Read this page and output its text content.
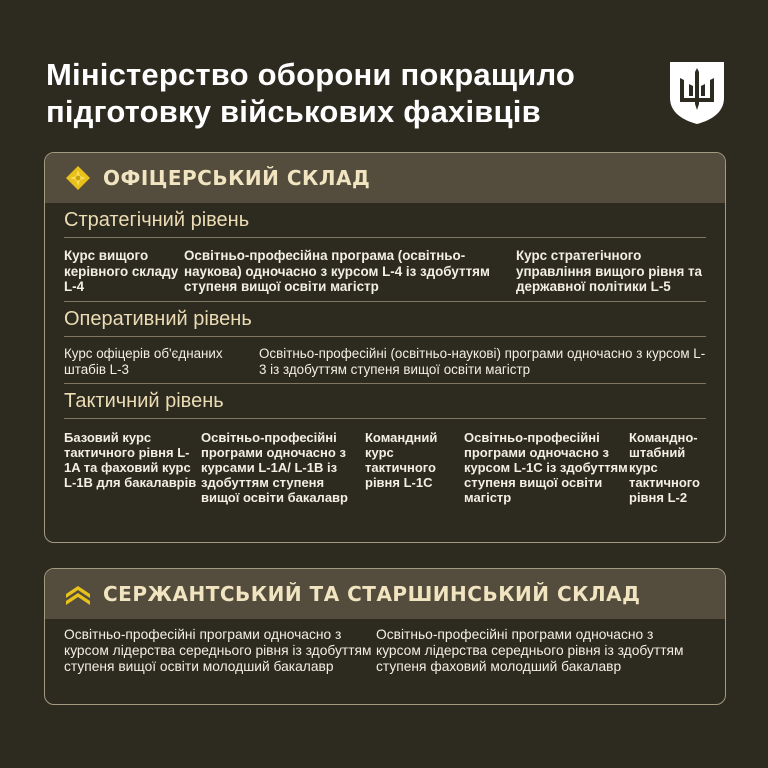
Міністерство оборони покращило
підготовку військових фахівців
ОФІЦЕРСЬКИЙ СКЛАД
Стратегічний рівень
Курс вищого керівного складу L-4
Освітньо-професійна програма (освітньо-наукова) одночасно з курсом L-4 із здобуттям ступеня вищої освіти магістр
Курс стратегічного управління вищого рівня та державної політики L-5
Оперативний рівень
Курс офіцерів об'єднаних штабів L-3
Освітньо-професійні (освітньо-наукові) програми одночасно з курсом L-3 із здобуттям ступеня вищої освіти магістр
Тактичний рівень
Базовий курс тактичного рівня L-1A та фаховий курс L-1B для бакалаврів
Освітньо-професійні програми одночасно з курсами L-1A/ L-1B із здобуттям ступеня вищої освіти бакалавр
Командний курс тактичного рівня L-1C
Освітньо-професійні програми одночасно з курсом L-1C із здобуттям ступеня вищої освіти магістр
Командно-штабний курс тактичного рівня L-2
СЕРЖАНТСЬКИЙ ТА СТАРШИНСЬКИЙ СКЛАД
Освітньо-професійні програми одночасно з курсом лідерства середнього рівня із здобуттям ступеня вищої освіти молодший бакалавр
Освітньо-професійні програми одночасно з курсом лідерства середнього рівня із здобуттям ступеня фаховий молодший бакалавр
